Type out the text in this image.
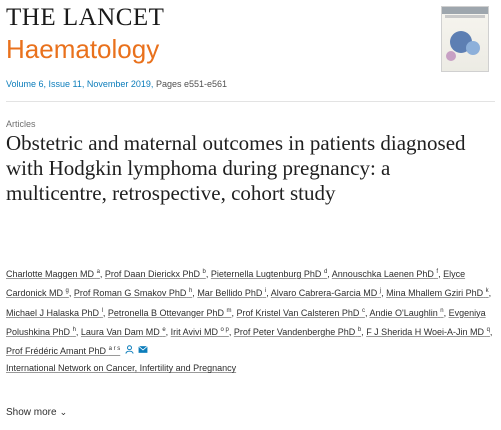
THE LANCET
Haematology
Volume 6, Issue 11, November 2019, Pages e551-e561
Articles
Obstetric and maternal outcomes in patients diagnosed with Hodgkin lymphoma during pregnancy: a multicentre, retrospective, cohort study
Charlotte Maggen MD $^a$, Prof Daan Dierickx PhD $^b$, Pieternella Lugtenburg PhD $^d$, Annouschka Laenen PhD $^f$, Elyce Cardonick MD $^g$, Prof Roman G Smakov PhD $^h$, Mar Bellido PhD $^i$, Alvaro Cabrera-Garcia MD $^j$, Mina Mhallem Gziri PhD $^k$, Michael J Halaska PhD $^l$, Petronella B Ottevanger PhD $^m$, Prof Kristel Van Calsteren PhD $^c$, Andie O'Laughlin $^n$, Evgeniya Polushkina PhD $^h$, Laura Van Dam MD $^e$, Irit Avivi MD $^{o p}$, Prof Peter Vandenberghe PhD $^b$, F J Sherida H Woei-A-Jin MD $^q$, Prof Frédéric Amant PhD $^{a r s}$
International Network on Cancer, Infertility and Pregnancy
Show more ⌄
